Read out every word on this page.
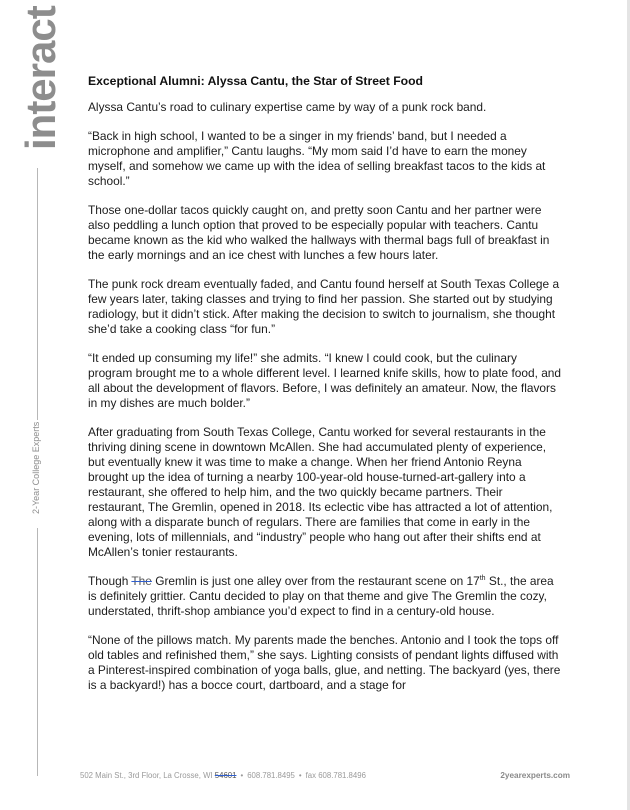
interact
2-Year College Experts
Exceptional Alumni: Alyssa Cantu, the Star of Street Food

Alyssa Cantu’s road to culinary expertise came by way of a punk rock band.

“Back in high school, I wanted to be a singer in my friends’ band, but I needed a microphone and amplifier,” Cantu laughs. “My mom said I’d have to earn the money myself, and somehow we came up with the idea of selling breakfast tacos to the kids at school.”

Those one-dollar tacos quickly caught on, and pretty soon Cantu and her partner were also peddling a lunch option that proved to be especially popular with teachers. Cantu became known as the kid who walked the hallways with thermal bags full of breakfast in the early mornings and an ice chest with lunches a few hours later.

The punk rock dream eventually faded, and Cantu found herself at South Texas College a few years later, taking classes and trying to find her passion. She started out by studying radiology, but it didn’t stick. After making the decision to switch to journalism, she thought she’d take a cooking class “for fun.”

“It ended up consuming my life!” she admits. “I knew I could cook, but the culinary program brought me to a whole different level. I learned knife skills, how to plate food, and all about the development of flavors. Before, I was definitely an amateur. Now, the flavors in my dishes are much bolder.”

After graduating from South Texas College, Cantu worked for several restaurants in the thriving dining scene in downtown McAllen. She had accumulated plenty of experience, but eventually knew it was time to make a change. When her friend Antonio Reyna brought up the idea of turning a nearby 100-year-old house-turned-art-gallery into a restaurant, she offered to help him, and the two quickly became partners. Their restaurant, The Gremlin, opened in 2018. Its eclectic vibe has attracted a lot of attention, along with a disparate bunch of regulars. There are families that come in early in the evening, lots of millennials, and “industry” people who hang out after their shifts end at McAllen’s tonier restaurants.

Though The Gremlin is just one alley over from the restaurant scene on 17th St., the area is definitely grittier. Cantu decided to play on that theme and give The Gremlin the cozy, understated, thrift-shop ambiance you’d expect to find in a century-old house.

“None of the pillows match. My parents made the benches. Antonio and I took the tops off old tables and refinished them,” she says. Lighting consists of pendant lights diffused with a Pinterest-inspired combination of yoga balls, glue, and netting. The backyard (yes, there is a backyard!) has a bocce court, dartboard, and a stage for

502 Main St., 3rd Floor, La Crosse, WI 54601 • 608.781.8495 • fax 608.781.8496	2yearexperts.com
